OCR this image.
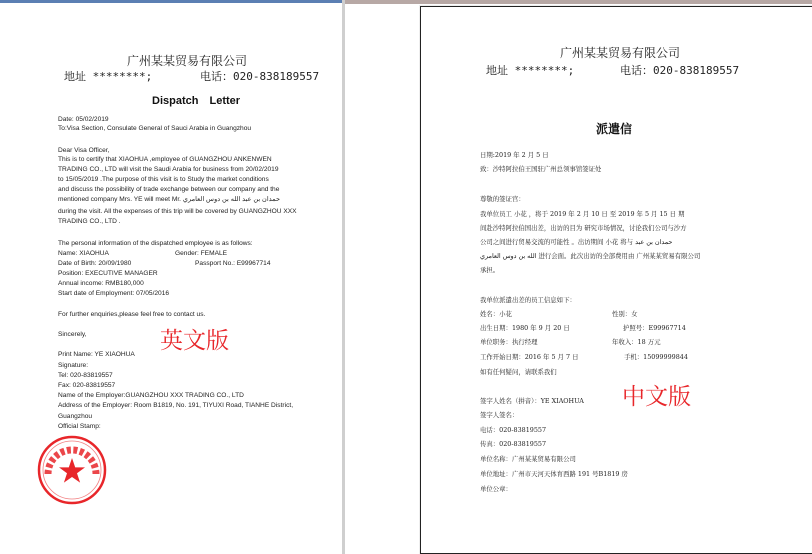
广州某某贸易有限公司
地址 ********;	电话：020-838189557
Dispatch Letter
Date: 05/02/2019
To:Visa Section, Consulate General of Sauci Arabia in Guangzhou
Dear Visa Officer,
This is to certify that XIAOHUA ,employee of GUANGZHOU ANKENWEN
TRADING CO., LTD will visit the Saudi Arabia for business from 20/02/2019
to 15/05/2019 .The purpose of this visit is to Study the market conditions
and discuss the possibility of trade exchange between our company and the
mentioned company Mrs. YE will meet Mr. حمدان بن عبد الله بن دوس العامري
during the visit. All the expenses of this trip will be covered by GUANGZHOU XXX
TRADING CO., LTD .
The personal information of the dispatched employee is as follows:
Name: XIAOHUA	Gender: FEMALE
Date of Birth: 20/09/1980	Passport No.: E99967714
Position: EXECUTIVE MANAGER
Annual income: RMB180,000
Start date of Employment: 07/05/2016
For further enquiries,please feel free to contact us.
Sincerely,	英文版
Print Name: YE XIAOHUA
Signature:
Tel: 020-83819557
Fax: 020-83819557
Name of the Employer:GUANGZHOU XXX TRADING CO., LTD
Address of the Employer: Room B1819, No. 191, TIYUXI Road, TIANHE District,
Guangzhou
Official Stamp:
广州某某贸易有限公司
地址 ********;	电话：020-838189557
派遣信
日期:2019 年 2 月 5 日
致：沙特阿拉伯王国驻广州总领事馆签证处
尊敬的签证官：
我单位员工 小花 ，将于 2019 年 2 月 10 日 至 2019 年 5 月 15 日 期
间赴沙特阿拉伯国出差，出访的目为 研究市场情况，讨论我们公司与沙方
公司之间进行贸易交流的可能性 。出访期间 小花 将与 حمدان بن عبد
الله بن دوس العامري 进行会面。此次出访的全部费用由 广州某某贸易有限公司
承担。
我单位派遣出差的员工信息如下：
姓名：小花	性别：女
出生日期：1980 年 9 月 20 日	护照号：E99967714
单位职务：执行经理	年收入：18 万元
工作开始日期：2016 年 5 月 7 日	手机：15099999844
如有任何疑问，请联系我们
中文版
签字人姓名（拼音）：YE XIAOHUA
签字人签名：
电话：020-83819557
传真：020-83819557
单位名称：广州某某贸易有限公司
单位地址：广州市天河天体育西路 191 号B1819 房
单位公章：
